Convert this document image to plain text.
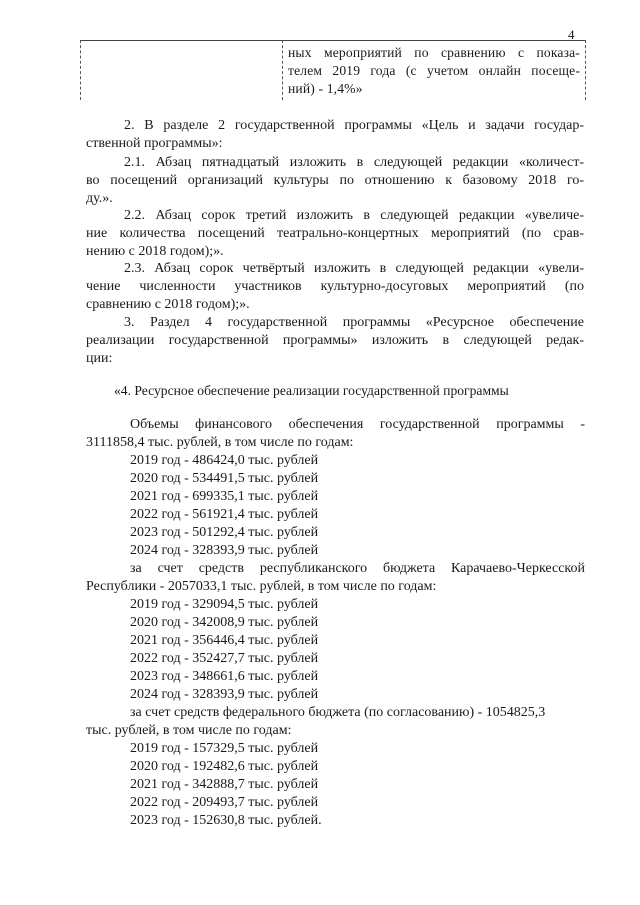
4
ных мероприятий по сравнению с показа-
телем 2019 года (с учетом онлайн посеще-
ний) - 1,4%»
2. В разделе 2 государственной программы «Цель и задачи государ-
ственной программы»:
2.1. Абзац пятнадцатый изложить в следующей редакции «количест-
во посещений организаций культуры по отношению к базовому 2018 го-
ду.».
2.2. Абзац сорок третий изложить в следующей редакции «увеличе-
ние количества посещений театрально-концертных мероприятий (по срав-
нению с 2018 годом);».
2.3. Абзац сорок четвёртый изложить в следующей редакции «увели-
чение численности участников культурно-досуговых мероприятий (по
сравнению с 2018 годом);».
3. Раздел 4 государственной программы «Ресурсное обеспечение
реализации государственной программы» изложить в следующей редак-
ции:
«4. Ресурсное обеспечение реализации государственной программы
Объемы финансового обеспечения государственной программы -
3111858,4 тыс. рублей, в том числе по годам:
2019 год - 486424,0 тыс. рублей
2020 год - 534491,5 тыс. рублей
2021 год - 699335,1 тыс. рублей
2022 год - 561921,4 тыс. рублей
2023 год - 501292,4 тыс. рублей
2024 год - 328393,9 тыс. рублей
за счет средств республиканского бюджета Карачаево-Черкесской
Республики - 2057033,1 тыс. рублей, в том числе по годам:
2019 год - 329094,5 тыс. рублей
2020 год - 342008,9 тыс. рублей
2021 год - 356446,4 тыс. рублей
2022 год - 352427,7 тыс. рублей
2023 год - 348661,6 тыс. рублей
2024 год - 328393,9 тыс. рублей
за счет средств федерального бюджета (по согласованию) - 1054825,3
тыс. рублей, в том числе по годам:
2019 год - 157329,5 тыс. рублей
2020 год - 192482,6 тыс. рублей
2021 год - 342888,7 тыс. рублей
2022 год - 209493,7 тыс. рублей
2023 год - 152630,8 тыс. рублей.
